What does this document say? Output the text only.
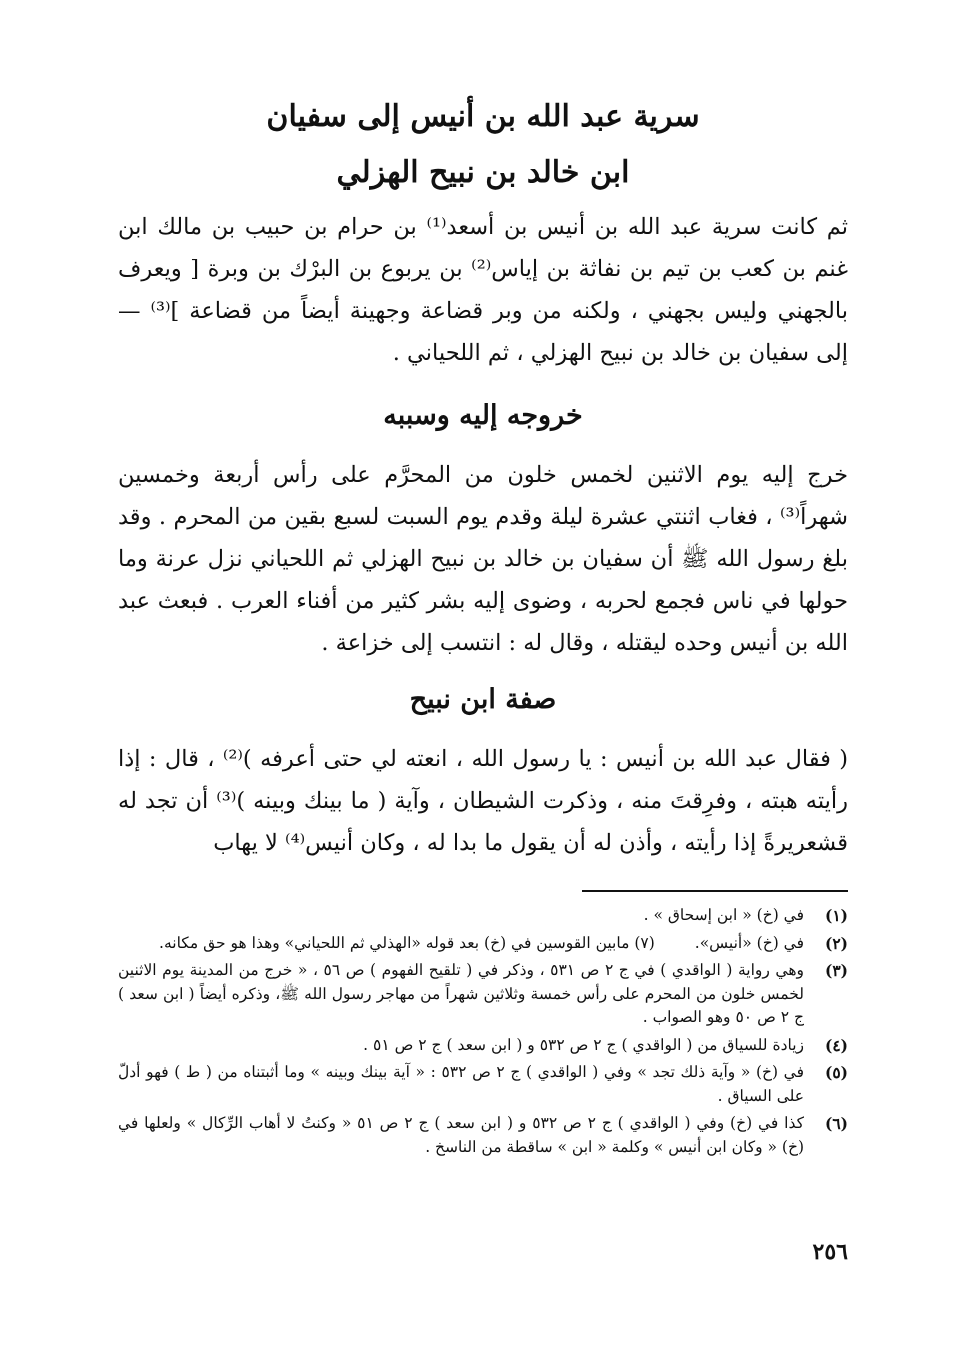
سرية عبد الله بن أنيس إلى سفيان
ابن خالد بن نبيح الهزلي

ثم كانت سرية عبد الله بن أنيس بن أسعد⁽¹⁾ بن حرام بن حبيب بن مالك ابن غنم بن كعب بن تيم بن نفاثة بن إياس⁽²⁾ بن يربوع بن البرْك بن وبرة [ ويعرف بالجهني وليس بجهني ، ولكنه من وبر قضاعة وجهينة أيضاً من قضاعة ]⁽³⁾ — إلى سفيان بن خالد بن نبيح الهزلي ، ثم اللحياني .

خروجه إليه وسببه

خرج إليه يوم الاثنين لخمس خلون من المحرَّم على رأس أربعة وخمسين شهراً⁽³⁾ ، فغاب اثنتي عشرة ليلة وقدم يوم السبت لسبع بقين من المحرم . وقد بلغ رسول الله ﷺ أن سفيان بن خالد بن نبيح الهزلي ثم اللحياني نزل عرنة وما حولها في ناس فجمع لحربه ، وضوى إليه بشر كثير من أفناء العرب . فبعث عبد الله بن أنيس وحده ليقتله ، وقال له : انتسب إلى خزاعة .

صفة ابن نبيح

( فقال عبد الله بن أنيس : يا رسول الله ، انعته لي حتى أعرفه )⁽²⁾ ، قال : إذا رأيته هبته ، وفرِقتَ منه ، وذكرت الشيطان ، وآية ( ما بينك وبينه )⁽³⁾ أن تجد له قشعريرةً إذا رأيته ، وأذن له أن يقول ما بدا له ، وكان أنيس⁽⁴⁾ لا يهاب

(١)
في (خ) « ابن إسحاق » .
(٢)
في (خ) «أنيس».(٧) مابين القوسين في (خ) بعد قوله «الهذلي ثم اللحياني» وهذا هو حق مكانه.
(٣)
وهي رواية ( الواقدي ) في ج ٢ ص ٥٣١ ، وذكر في ( تلقيح الفهوم ) ص ٥٦ ، « خرج من المدينة يوم الاثنين لخمس خلون من المحرم على رأس خمسة وثلاثين شهراً من مهاجر رسول الله ﷺ، وذكره أيضاً ( ابن سعد ) ج ٢ ص ٥٠ وهو الصواب .
(٤)
زيادة للسياق من ( الواقدي ) ج ٢ ص ٥٣٢ و ( ابن سعد ) ج ٢ ص ٥١ .
(٥)
في (خ) « وآية ذلك تجد » وفي ( الواقدي ) ج ٢ ص ٥٣٢ : « آية بينك وبينه » وما أثبتناه من ( ط ) فهو أدلّ على السياق .
(٦)
كذا في (خ) وفي ( الواقدي ) ج ٢ ص ٥٣٢ و ( ابن سعد ) ج ٢ ص ٥١ « وكنتُ لا أهاب الرِّكال » ولعلها في (خ) « وكان ابن أنيس » وكلمة « ابن » ساقطة من الناسخ .
٢٥٦
